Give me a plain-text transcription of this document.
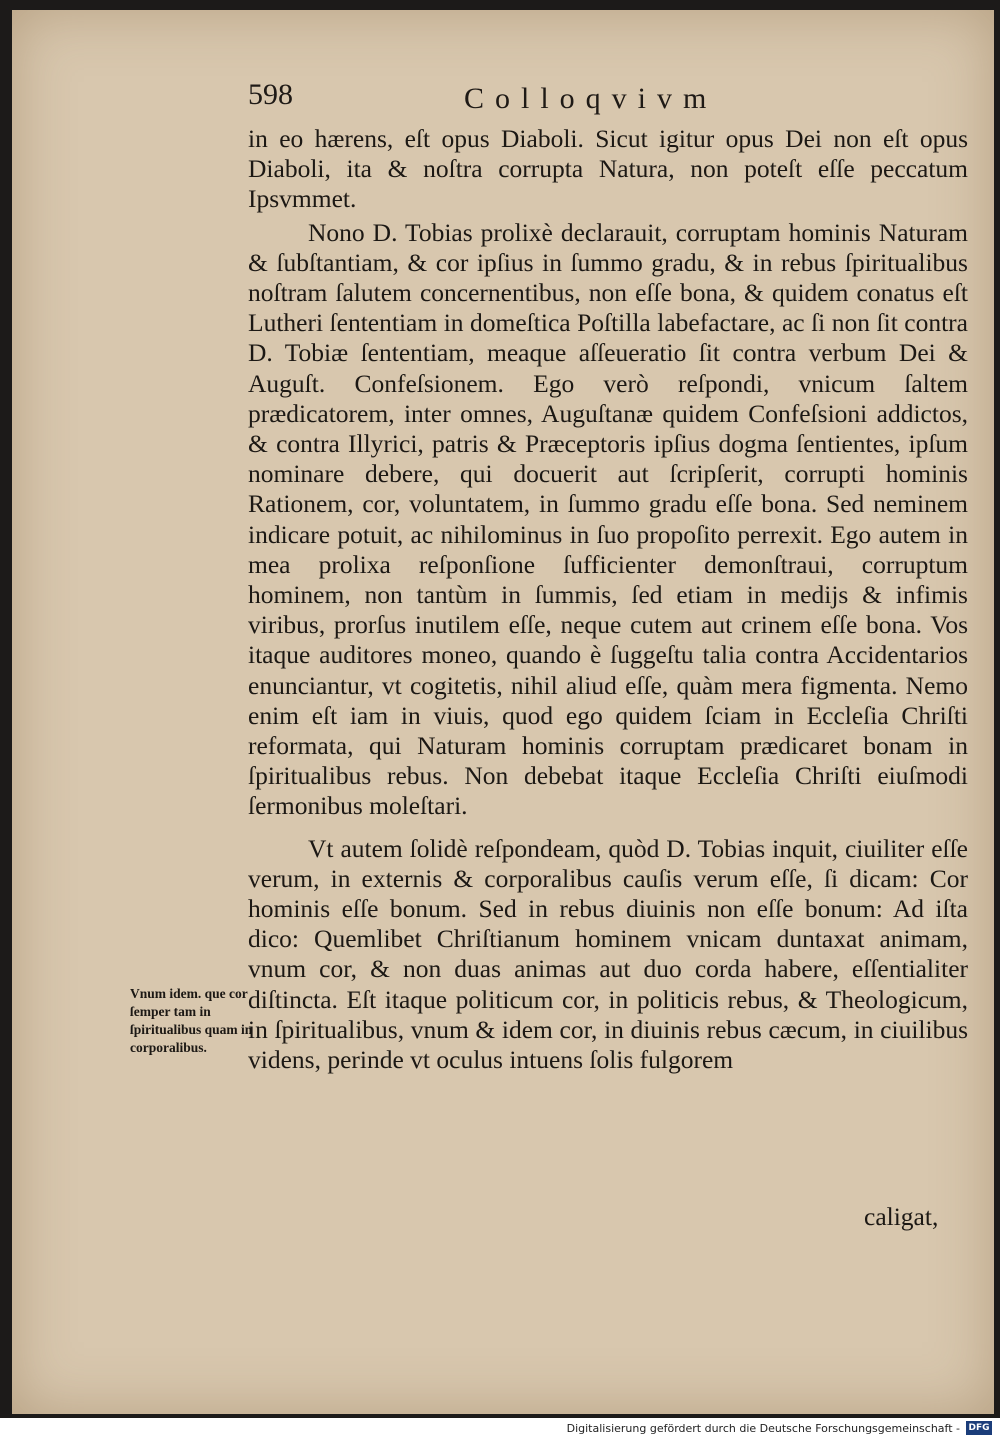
598	Colloqvivm

in eo hærens, eſt opus Diaboli. Sicut igitur opus Dei non eſt opus Diaboli, ita & noſtra corrupta Natura, non poteſt eſſe peccatum Ipsvmmet.

Nono D. Tobias prolixè declarauit, corruptam hominis Naturam & ſubſtantiam, & cor ipſius in ſummo gradu, & in rebus ſpiritualibus noſtram ſalutem concernentibus, non eſſe bona, & quidem conatus eſt Lutheri ſententiam in domeſtica Poſtilla labefactare, ac ſi non ſit contra D. Tobiæ ſententiam, meaque aſſeueratio ſit contra verbum Dei & Auguſt. Confeſsionem. Ego verò reſpondi, vnicum ſaltem prædicatorem, inter omnes, Auguſtanæ quidem Confeſsioni addictos, & contra Illyrici, patris & Præceptoris ipſius dogma ſentientes, ipſum nominare debere, qui docuerit aut ſcripſerit, corrupti hominis Rationem, cor, voluntatem, in ſummo gradu eſſe bona. Sed neminem indicare potuit, ac nihilominus in ſuo propoſito perrexit. Ego autem in mea prolixa reſponſione ſufficienter demonſtraui, corruptum hominem, non tantùm in ſummis, ſed etiam in medijs & infimis viribus, prorſus inutilem eſſe, neque cutem aut crinem eſſe bona. Vos itaque auditores moneo, quando è ſuggeſtu talia contra Accidentarios enunciantur, vt cogitetis, nihil aliud eſſe, quàm mera figmenta. Nemo enim eſt iam in viuis, quod ego quidem ſciam in Eccleſia Chriſti reformata, qui Naturam hominis corruptam prædicaret bonam in ſpiritualibus rebus. Non debebat itaque Eccleſia Chriſti eiuſmodi ſermonibus moleſtari.

Vt autem ſolidè reſpondeam, quòd D. Tobias inquit, ciuiliter eſſe verum, in externis & corporalibus cauſis verum eſſe, ſi dicam: Cor hominis eſſe bonum. Sed in rebus diuinis non eſſe bonum: Ad iſta dico: Quemlibet Chriſtianum hominem vnicam duntaxat animam, vnum cor, & non duas animas aut duo corda habere, eſſentialiter diſtincta. Eſt itaque politicum cor, in politicis rebus, & Theologicum, in ſpiritualibus, vnum & idem cor, in diuinis rebus cæcum, in ciuilibus videns, perinde vt oculus intuens ſolis fulgorem

Vnum idem. que cor ſemper tam in ſpiritualibus quam in corporalibus.
caligat,
Digitalisierung gefördert durch die Deutsche Forschungsgemeinschaft - DFG
